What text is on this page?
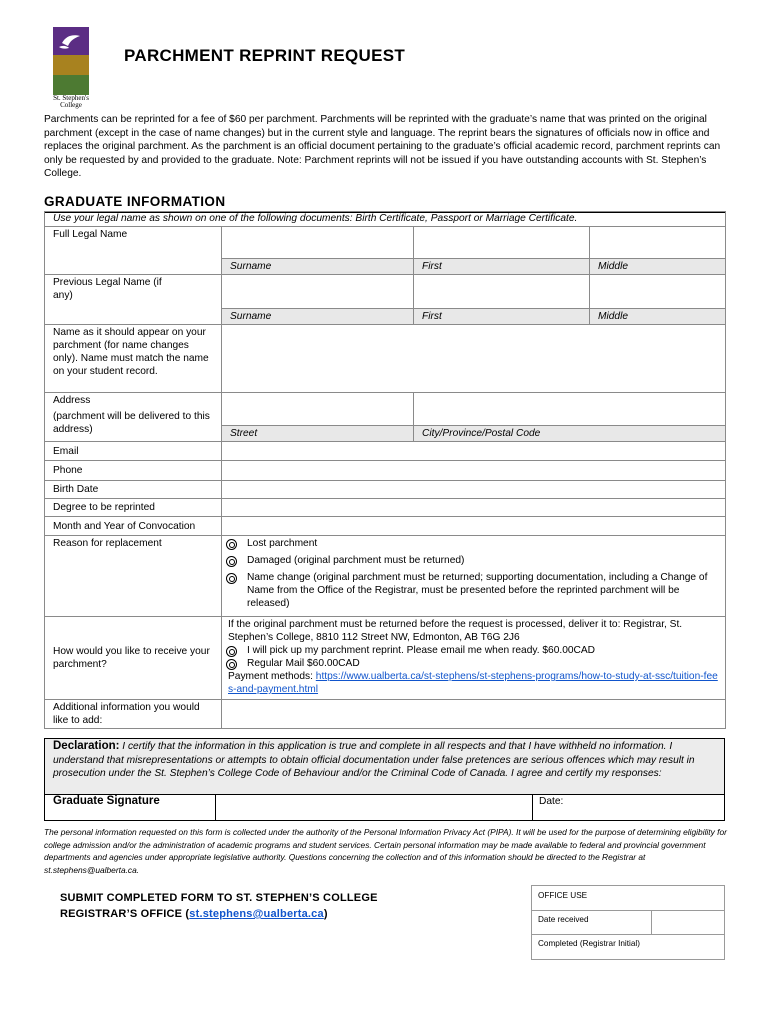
St. Stephen's College
PARCHMENT REPRINT REQUEST
Parchments can be reprinted for a fee of $60 per parchment. Parchments will be reprinted with the graduate’s name that was printed on the original parchment (except in the case of name changes) but in the current style and language. The reprint bears the signatures of officials now in office and replaces the original parchment. As the parchment is an official document pertaining to the graduate’s official academic record, parchment reprints can only be requested by and provided to the graduate. Note: Parchment reprints will not be issued if you have outstanding accounts with St. Stephen’s College.
GRADUATE INFORMATION
Use your legal name as shown on one of the following documents: Birth Certificate, Passport or Marriage Certificate.			
Full Legal Name			
	Surname	First	Middle
Previous Legal Name (if any)			
	Surname	First	Middle
Name as it should appear on your parchment (for name changes only). Name must match the name on your student record.			

Address
(parchment will be delivered to this address)			

	Street	City/Province/Postal Code	
Email			
Phone			
Birth Date			
Degree to be reprinted			
Month and Year of Convocation			
Reason for replacement	Lost parchment
Damaged (original parchment must be returned)
Name change (original parchment must be returned; supporting documentation, including a Change of Name from the Office of the Registrar, must be presented before the reprinted parchment will be released)		

How would you like to receive your parchment?	If the original parchment must be returned before the request is processed, deliver it to: Registrar, St. Stephen’s College, 8810 112 Street NW, Edmonton, AB T6G 2J6
I will pick up my parchment reprint. Please email me when ready. $60.00CAD
Regular Mail $60.00CAD
Payment methods: https://www.ualberta.ca/st-stephens/st-stephens-programs/how-to-study-at-ssc/tuition-fees-and-payment.html		

Additional information you would like to add:			
Declaration: I certify that the information in this application is true and complete in all respects and that I have withheld no information. I understand that misrepresentations or attempts to obtain official documentation under false pretences are serious offences which may result in prosecution under the St. Stephen’s College Code of Behaviour and/or the Criminal Code of Canada. I agree and certify my responses:
Graduate Signature	Date:
The personal information requested on this form is collected under the authority of the Personal Information Privacy Act (PIPA). It will be used for the purpose of determining eligibility for college admission and/or the administration of academic programs and student services. Certain personal information may be made available to federal and provincial government departments and agencies under appropriate legislative authority. Questions concerning the collection and of this information should be directed to the Registrar at st.stephens@ualberta.ca.
SUBMIT COMPLETED FORM TO ST. STEPHEN’S COLLEGE
REGISTRAR’S OFFICE (st.stephens@ualberta.ca)
OFFICE USE
Date received
Completed (Registrar Initial)
